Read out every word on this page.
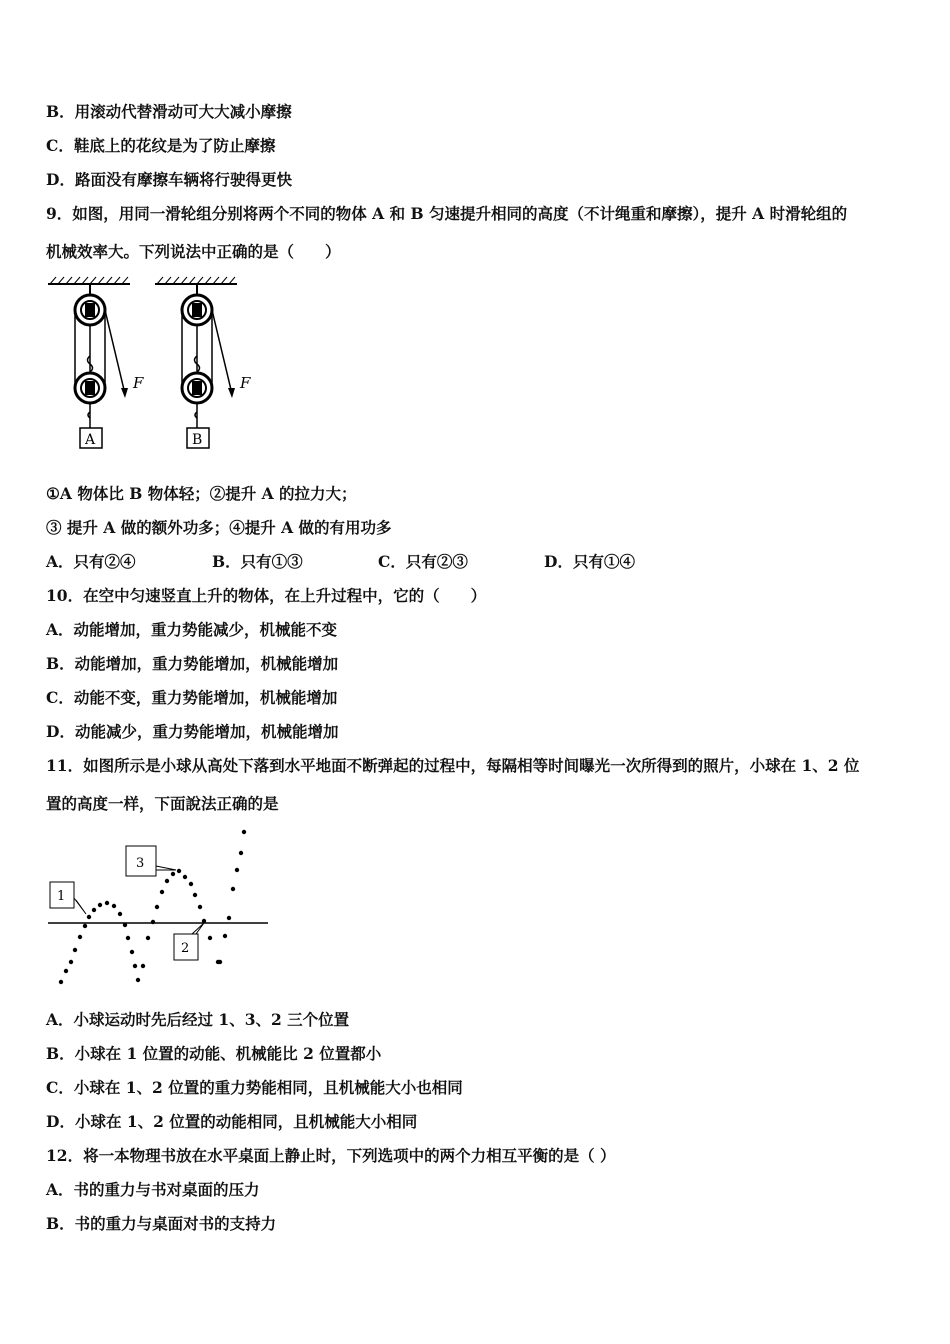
B．用滚动代替滑动可大大减小摩擦
C．鞋底上的花纹是为了防止摩擦
D．路面没有摩擦车辆将行驶得更快
9．如图，用同一滑轮组分别将两个不同的物体 A 和 B 匀速提升相同的高度（不计绳重和摩擦），提升 A 时滑轮组的
机械效率大。下列说法中正确的是（　　）
F
A
F
B
①A 物体比 B 物体轻；②提升 A 的拉力大；
③ 提升 A 做的额外功多；④提升 A 做的有用功多
A．只有②④	B．只有①③	C．只有②③	D．只有①④
10．在空中匀速竖直上升的物体，在上升过程中，它的（　　）
A．动能增加，重力势能减少，机械能不变
B．动能增加，重力势能增加，机械能增加
C．动能不变，重力势能增加，机械能增加
D．动能减少，重力势能增加，机械能增加
11．如图所示是小球从高处下落到水平地面不断弹起的过程中，每隔相等时间曝光一次所得到的照片，小球在 1、2 位
置的高度一样，下面說法正确的是
1
3
2
A．小球运动时先后经过 1、3、2 三个位置
B．小球在 1 位置的动能、机械能比 2 位置都小
C．小球在 1、2 位置的重力势能相同，且机械能大小也相同
D．小球在 1、2 位置的动能相同，且机械能大小相同
12．将一本物理书放在水平桌面上静止时，下列选项中的两个力相互平衡的是（ ）
A．书的重力与书对桌面的压力
B．书的重力与桌面对书的支持力
